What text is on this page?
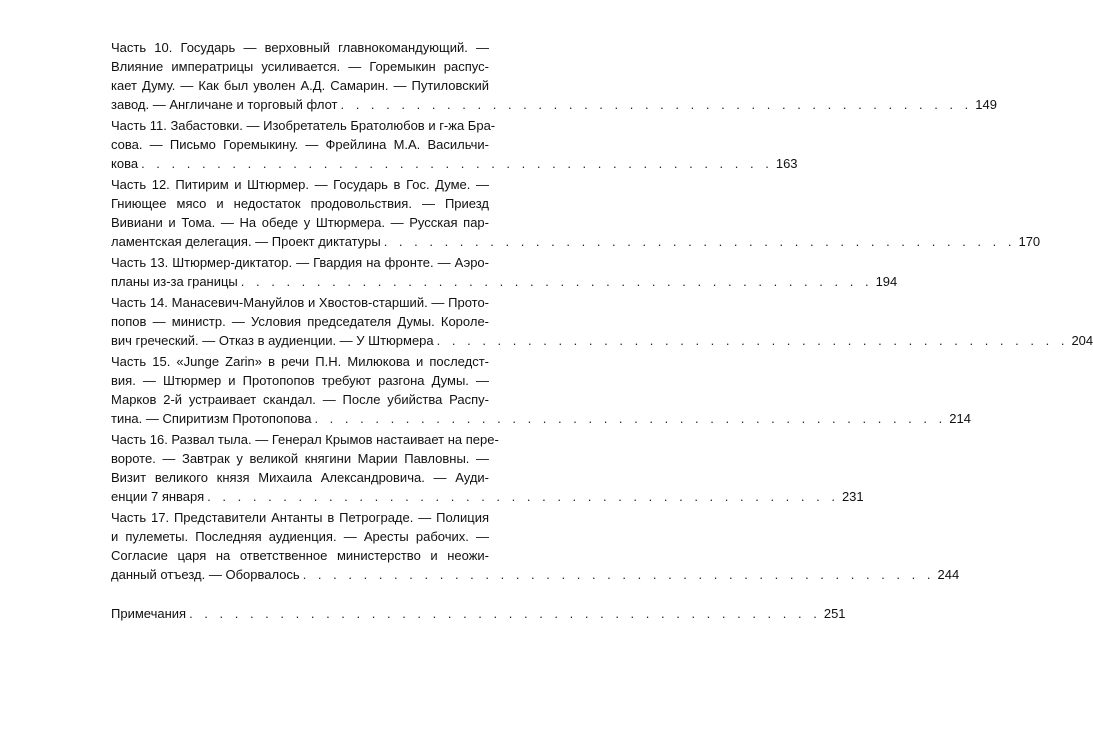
Часть 10. Государь — верховный главнокомандующий. —
Влияние императрицы усиливается. — Горемыкин распус-
кает Думу. — Как был уволен А.Д. Самарин. — Путиловский
завод. — Англичане и торговый флот . . . . . . . . . . . . . . . . . . . . . . . . . . . . . . . . . . . . . . . . . . 149
Часть 11. Забастовки. — Изобретатель Братолюбов и г-жа Бра-
сова. — Письмо Горемыкину. — Фрейлина М.А. Васильчи-
кова . . . . . . . . . . . . . . . . . . . . . . . . . . . . . . . . . . . . . . . . . . 163
Часть 12. Питирим и Штюрмер. — Государь в Гос. Думе. —
Гниющее мясо и недостаток продовольствия. — Приезд
Вивиани и Тома. — На обеде у Штюрмера. — Русская пар-
ламентская делегация. — Проект диктатуры . . . . . . . . . . . . . . . . . . . . . . . . . . . . . . . . . . . . . . . . . . 170
Часть 13. Штюрмер-диктатор. — Гвардия на фронте. — Аэро-
планы из-за границы . . . . . . . . . . . . . . . . . . . . . . . . . . . . . . . . . . . . . . . . . . 194
Часть 14. Манасевич-Мануйлов и Хвостов-старший. — Прото-
попов — министр. — Условия председателя Думы. Короле-
вич греческий. — Отказ в аудиенции. — У Штюрмера . . . . . . . . . . . . . . . . . . . . . . . . . . . . . . . . . . . . . . . . . . 204
Часть 15. «Junge Zarin» в речи П.Н. Милюкова и последст-
вия. — Штюрмер и Протопопов требуют разгона Думы. —
Марков 2-й устраивает скандал. — После убийства Распу-
тина. — Спиритизм Протопопова . . . . . . . . . . . . . . . . . . . . . . . . . . . . . . . . . . . . . . . . . . 214
Часть 16. Развал тыла. — Генерал Крымов настаивает на пере-
вороте. — Завтрак у великой княгини Марии Павловны. —
Визит великого князя Михаила Александровича. — Ауди-
енции 7 января . . . . . . . . . . . . . . . . . . . . . . . . . . . . . . . . . . . . . . . . . . 231
Часть 17. Представители Антанты в Петрограде. — Полиция
и пулеметы. Последняя аудиенция. — Аресты рабочих. —
Согласие царя на ответственное министерство и неожи-
данный отъезд. — Оборвалось . . . . . . . . . . . . . . . . . . . . . . . . . . . . . . . . . . . . . . . . . . 244
Примечания . . . . . . . . . . . . . . . . . . . . . . . . . . . . . . . . . . . . . . . . . . 251
